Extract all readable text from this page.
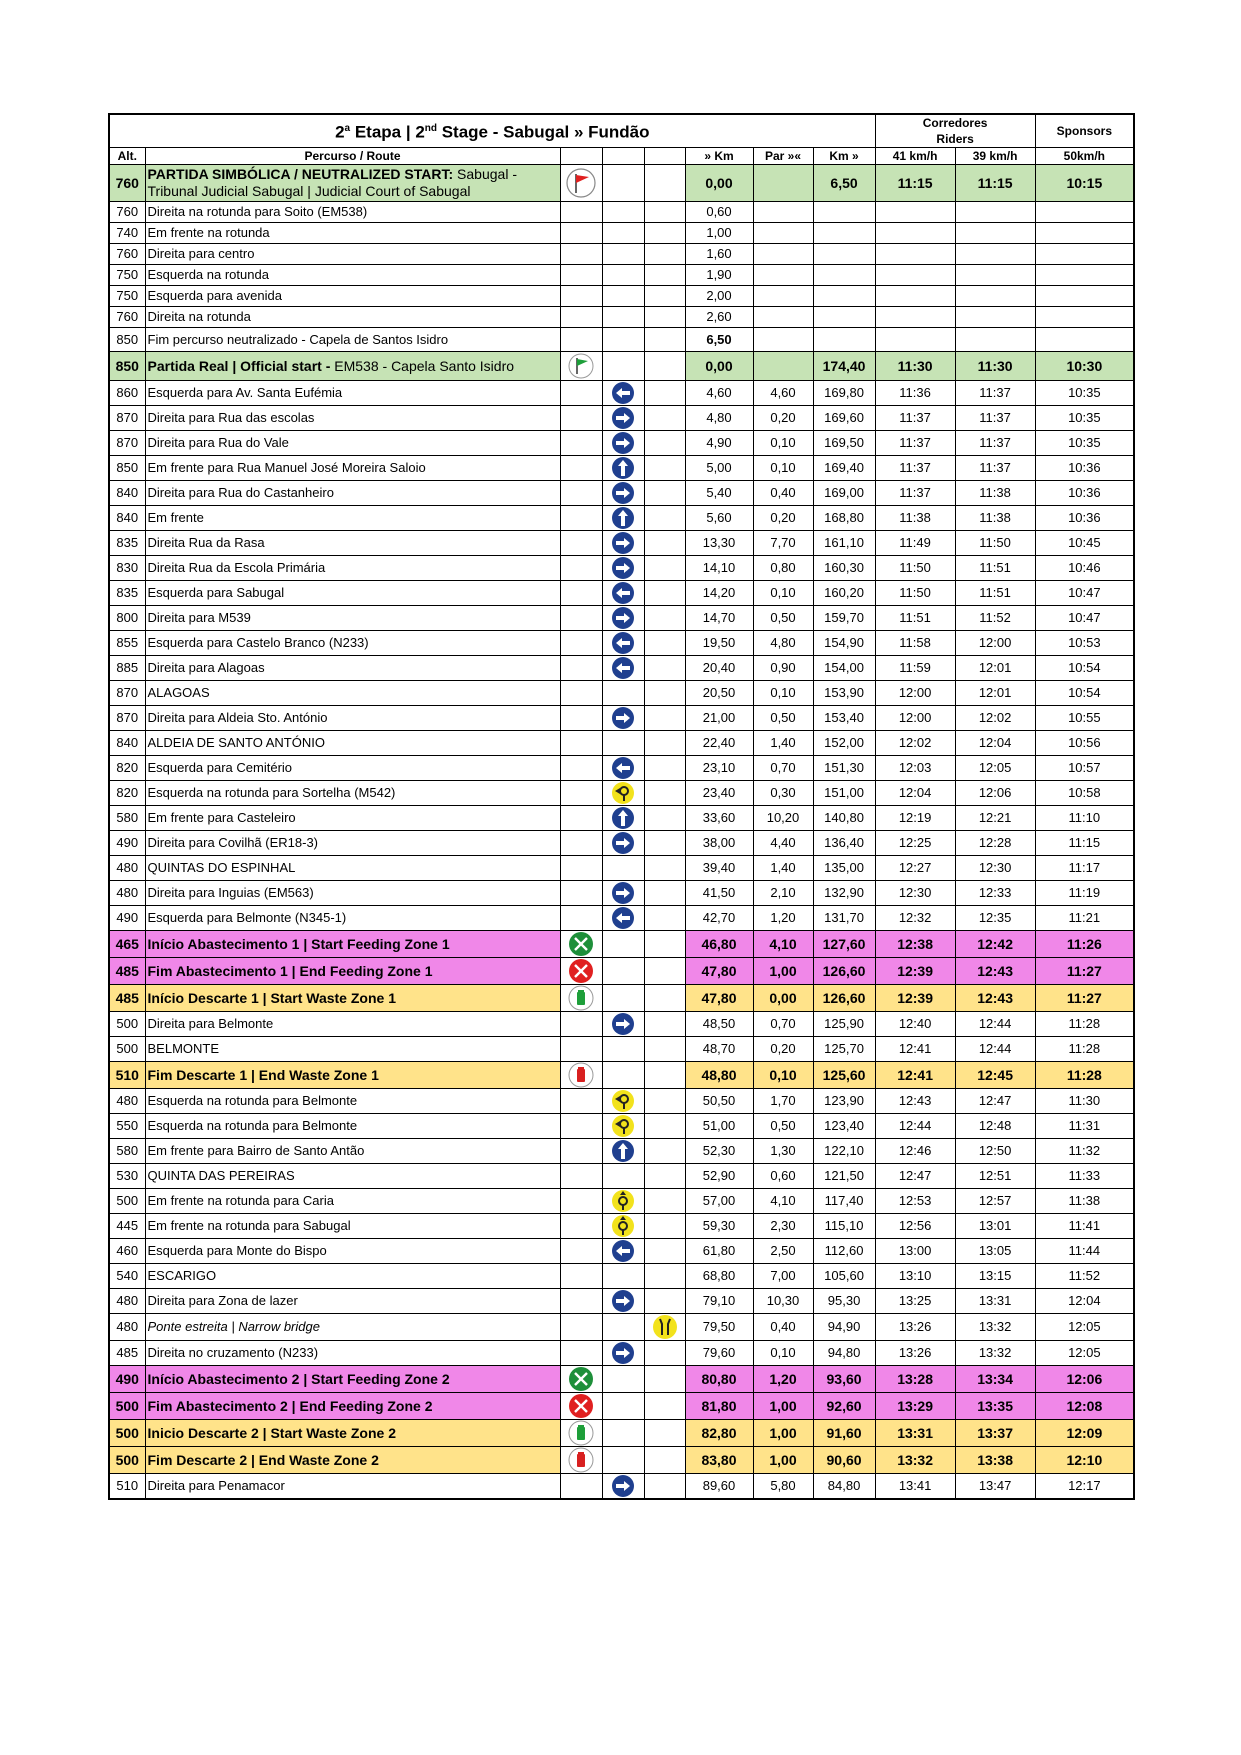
2$^a$ Etapa | 2nd Stage - Sabugal » Fundão								Corredores
Riders		Sponsors
Alt.	Percurso / Route				» Km	Par »«	Km »	41 km/h	39 km/h	50km/h
760	PARTIDA SIMBÓLICA / NEUTRALIZED START: Sabugal - Tribunal Judicial Sabugal | Judicial Court of Sabugal				0,00		6,50	11:15	11:15	10:15
760	Direita na rotunda para Soito (EM538)				0,60					
740	Em frente na rotunda				1,00					
760	Direita para centro				1,60					
750	Esquerda na rotunda				1,90					
750	Esquerda para avenida				2,00					
760	Direita na rotunda				2,60					
850	Fim percurso neutralizado - Capela de Santos Isidro				6,50					
850	Partida Real | Official start - EM538 - Capela Santo Isidro				0,00		174,40	11:30	11:30	10:30
860	Esquerda para Av. Santa Eufémia				4,60	4,60	169,80	11:36	11:37	10:35
870	Direita para Rua das escolas				4,80	0,20	169,60	11:37	11:37	10:35
870	Direita para Rua do Vale				4,90	0,10	169,50	11:37	11:37	10:35
850	Em frente para Rua Manuel José Moreira Saloio				5,00	0,10	169,40	11:37	11:37	10:36
840	Direita para Rua do Castanheiro				5,40	0,40	169,00	11:37	11:38	10:36
840	Em frente				5,60	0,20	168,80	11:38	11:38	10:36
835	Direita Rua da Rasa				13,30	7,70	161,10	11:49	11:50	10:45
830	Direita Rua da Escola Primária				14,10	0,80	160,30	11:50	11:51	10:46
835	Esquerda para Sabugal				14,20	0,10	160,20	11:50	11:51	10:47
800	Direita para M539				14,70	0,50	159,70	11:51	11:52	10:47
855	Esquerda para Castelo Branco (N233)				19,50	4,80	154,90	11:58	12:00	10:53
885	Direita para Alagoas				20,40	0,90	154,00	11:59	12:01	10:54
870	ALAGOAS				20,50	0,10	153,90	12:00	12:01	10:54
870	Direita para Aldeia Sto. António				21,00	0,50	153,40	12:00	12:02	10:55
840	ALDEIA DE SANTO ANTÓNIO				22,40	1,40	152,00	12:02	12:04	10:56
820	Esquerda para Cemitério				23,10	0,70	151,30	12:03	12:05	10:57
820	Esquerda na rotunda para Sortelha (M542)				23,40	0,30	151,00	12:04	12:06	10:58
580	Em frente para Casteleiro				33,60	10,20	140,80	12:19	12:21	11:10
490	Direita para Covilhã (ER18-3)				38,00	4,40	136,40	12:25	12:28	11:15
480	QUINTAS DO ESPINHAL				39,40	1,40	135,00	12:27	12:30	11:17
480	Direita para Inguias (EM563)				41,50	2,10	132,90	12:30	12:33	11:19
490	Esquerda para Belmonte (N345-1)				42,70	1,20	131,70	12:32	12:35	11:21
465	Início Abastecimento 1 | Start Feeding Zone 1				46,80	4,10	127,60	12:38	12:42	11:26
485	Fim Abastecimento 1 | End Feeding Zone 1				47,80	1,00	126,60	12:39	12:43	11:27
485	Início Descarte 1 | Start Waste Zone 1				47,80	0,00	126,60	12:39	12:43	11:27
500	Direita para Belmonte				48,50	0,70	125,90	12:40	12:44	11:28
500	BELMONTE				48,70	0,20	125,70	12:41	12:44	11:28
510	Fim Descarte 1 | End Waste Zone 1				48,80	0,10	125,60	12:41	12:45	11:28
480	Esquerda na rotunda para Belmonte				50,50	1,70	123,90	12:43	12:47	11:30
550	Esquerda na rotunda para Belmonte				51,00	0,50	123,40	12:44	12:48	11:31
580	Em frente para Bairro de Santo Antão				52,30	1,30	122,10	12:46	12:50	11:32
530	QUINTA DAS PEREIRAS				52,90	0,60	121,50	12:47	12:51	11:33
500	Em frente na rotunda para Caria				57,00	4,10	117,40	12:53	12:57	11:38
445	Em frente na rotunda para Sabugal				59,30	2,30	115,10	12:56	13:01	11:41
460	Esquerda para Monte do Bispo				61,80	2,50	112,60	13:00	13:05	11:44
540	ESCARIGO				68,80	7,00	105,60	13:10	13:15	11:52
480	Direita para Zona de lazer				79,10	10,30	95,30	13:25	13:31	12:04
480	Ponte estreita | Narrow bridge				79,50	0,40	94,90	13:26	13:32	12:05
485	Direita no cruzamento (N233)				79,60	0,10	94,80	13:26	13:32	12:05
490	Início Abastecimento 2 | Start Feeding Zone 2				80,80	1,20	93,60	13:28	13:34	12:06
500	Fim Abastecimento 2 | End Feeding Zone 2				81,80	1,00	92,60	13:29	13:35	12:08
500	Inicio Descarte 2 | Start Waste Zone 2				82,80	1,00	91,60	13:31	13:37	12:09
500	Fim Descarte 2 | End Waste Zone 2				83,80	1,00	90,60	13:32	13:38	12:10
510	Direita para Penamacor				89,60	5,80	84,80	13:41	13:47	12:17
